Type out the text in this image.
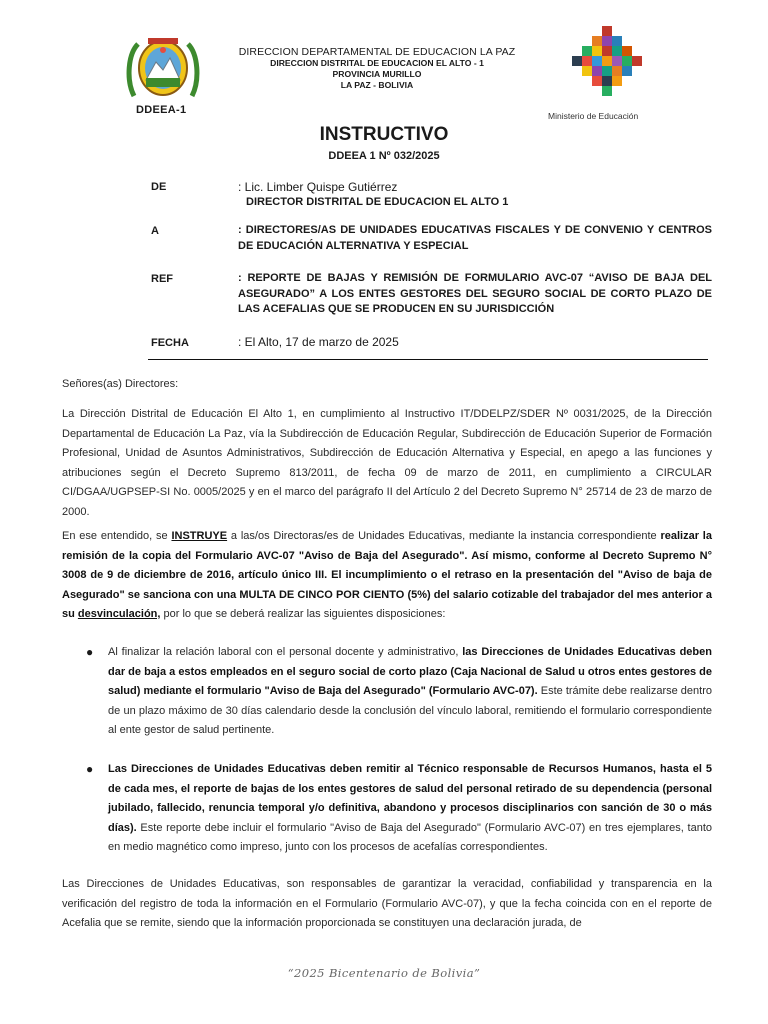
DDEEA-1
DIRECCION DEPARTAMENTAL DE EDUCACION LA PAZ
DIRECCION DISTRITAL DE EDUCACION EL ALTO - 1
PROVINCIA MURILLO
LA PAZ - BOLIVIA
Ministerio de Educación
INSTRUCTIVO
DDEEA 1 Nº 032/2025
DE	: Lic. Limber Quispe Gutiérrez
DIRECTOR DISTRITAL DE EDUCACION EL ALTO 1
A	: DIRECTORES/AS DE UNIDADES EDUCATIVAS FISCALES Y DE CONVENIO Y CENTROS DE EDUCACIÓN ALTERNATIVA Y ESPECIAL
REF	: REPORTE DE BAJAS Y REMISIÓN DE FORMULARIO AVC-07 “AVISO DE BAJA DEL ASEGURADO” A LOS ENTES GESTORES DEL SEGURO SOCIAL DE CORTO PLAZO DE LAS ACEFALIAS QUE SE PRODUCEN EN SU JURISDICCIÓN
FECHA	: El Alto, 17 de marzo de 2025
Señores(as) Directores:
La Dirección Distrital de Educación El Alto 1, en cumplimiento al Instructivo IT/DDELPZ/SDER Nº 0031/2025, de la Dirección Departamental de Educación La Paz, vía la Subdirección de Educación Regular, Subdirección de Educación Superior de Formación Profesional, Unidad de Asuntos Administrativos, Subdirección de Educación Alternativa y Especial, en apego a las funciones y atribuciones según el Decreto Supremo 813/2011, de fecha 09 de marzo de 2011, en cumplimiento a CIRCULAR CI/DGAA/UGPSEP-SI No. 0005/2025 y en el marco del parágrafo II del Artículo 2 del Decreto Supremo N° 25714 de 23 de marzo de 2000.
En ese entendido, se INSTRUYE a las/os Directoras/es de Unidades Educativas, mediante la instancia correspondiente realizar la remisión de la copia del Formulario AVC-07 "Aviso de Baja del Asegurado". Así mismo, conforme al Decreto Supremo N° 3008 de 9 de diciembre de 2016, artículo único III. El incumplimiento o el retraso en la presentación del "Aviso de baja de Asegurado" se sanciona con una MULTA DE CINCO POR CIENTO (5%) del salario cotizable del trabajador del mes anterior a su desvinculación, por lo que se deberá realizar las siguientes disposiciones:
● Al finalizar la relación laboral con el personal docente y administrativo, las Direcciones de Unidades Educativas deben dar de baja a estos empleados en el seguro social de corto plazo (Caja Nacional de Salud u otros entes gestores de salud) mediante el formulario "Aviso de Baja del Asegurado" (Formulario AVC-07). Este trámite debe realizarse dentro de un plazo máximo de 30 días calendario desde la conclusión del vínculo laboral, remitiendo el formulario correspondiente al ente gestor de salud pertinente.
● Las Direcciones de Unidades Educativas deben remitir al Técnico responsable de Recursos Humanos, hasta el 5 de cada mes, el reporte de bajas de los entes gestores de salud del personal retirado de su dependencia (personal jubilado, fallecido, renuncia temporal y/o definitiva, abandono y procesos disciplinarios con sanción de 30 o más días). Este reporte debe incluir el formulario "Aviso de Baja del Asegurado" (Formulario AVC-07) en tres ejemplares, tanto en medio magnético como impreso, junto con los procesos de acefalías correspondientes.
Las Direcciones de Unidades Educativas, son responsables de garantizar la veracidad, confiabilidad y transparencia en la verificación del registro de toda la información en el Formulario (Formulario AVC-07), y que la fecha coincida con en el reporte de Acefalia que se remite, siendo que la información proporcionada se constituyen una declaración jurada, de
“2025 Bicentenario de Bolivia”
